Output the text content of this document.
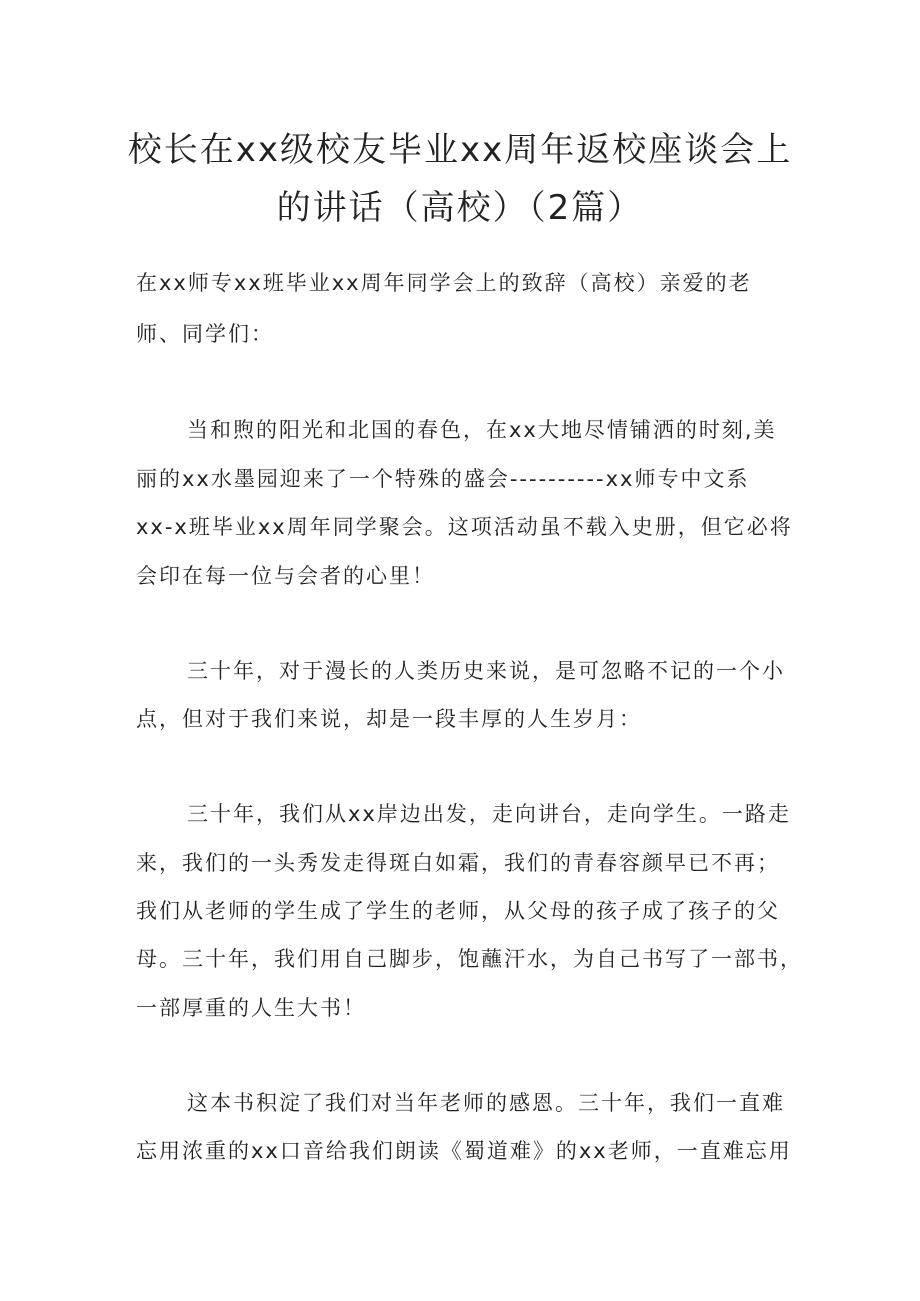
校长在xx级校友毕业xx周年返校座谈会上
的讲话（高校）（2篇）
在xx师专xx班毕业xx周年同学会上的致辞（高校）亲爱的老
师、同学们：
当和煦的阳光和北国的春色，在xx大地尽情铺洒的时刻,美
丽的xx水墨园迎来了一个特殊的盛会----------xx师专中文系
xx-x班毕业xx周年同学聚会。这项活动虽不载入史册，但它必将
会印在每一位与会者的心里！
三十年，对于漫长的人类历史来说，是可忽略不记的一个小
点，但对于我们来说，却是一段丰厚的人生岁月：
三十年，我们从xx岸边出发，走向讲台，走向学生。一路走
来，我们的一头秀发走得斑白如霜，我们的青春容颜早已不再；
我们从老师的学生成了学生的老师，从父母的孩子成了孩子的父
母。三十年，我们用自己脚步，饱蘸汗水，为自己书写了一部书，
一部厚重的人生大书！
这本书积淀了我们对当年老师的感恩。三十年，我们一直难
忘用浓重的xx口音给我们朗读《蜀道难》的xx老师，一直难忘用
